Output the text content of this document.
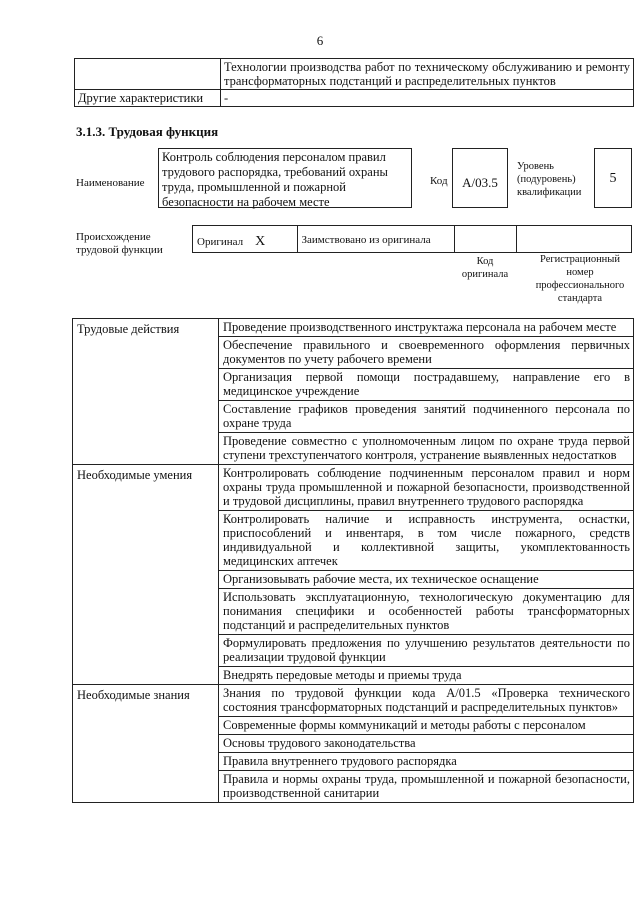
6
	Технологии производства работ по техническому обслуживанию и ремонту трансформаторных подстанций и распределительных пунктов
Другие характеристики	-
3.1.3. Трудовая функция
Наименование
Контроль соблюдения персоналом правил трудового распорядка, требований охраны труда, промышленной и пожарной безопасности на рабочем месте
Код	А/03.5
Уровень (подуровень) квалификации
5
Происхождение трудовой функции
Оригинал X	Заимствовано из оригинала
Код оригинала
Регистрационный номер профессионального стандарта
Трудовые действия	Проведение производственного инструктажа персонала на рабочем месте
	Обеспечение правильного и своевременного оформления первичных документов по учету рабочего времени
	Организация первой помощи пострадавшему, направление его в медицинское учреждение
	Составление графиков проведения занятий подчиненного персонала по охране труда
	Проведение совместно с уполномоченным лицом по охране труда первой ступени трехступенчатого контроля, устранение выявленных недостатков
Необходимые умения	Контролировать соблюдение подчиненным персоналом правил и норм охраны труда промышленной и пожарной безопасности, производственной и трудовой дисциплины, правил внутреннего трудового распорядка
	Контролировать наличие и исправность инструмента, оснастки, приспособлений и инвентаря, в том числе пожарного, средств индивидуальной и коллективной защиты, укомплектованность медицинских аптечек
	Организовывать рабочие места, их техническое оснащение
	Использовать эксплуатационную, технологическую документацию для понимания специфики и особенностей работы трансформаторных подстанций и распределительных пунктов
	Формулировать предложения по улучшению результатов деятельности по реализации трудовой функции
	Внедрять передовые методы и приемы труда
Необходимые знания	Знания по трудовой функции кода А/01.5 «Проверка технического состояния трансформаторных подстанций и распределительных пунктов»
	Современные формы коммуникаций и методы работы с персоналом
	Основы трудового законодательства
	Правила внутреннего трудового распорядка
	Правила и нормы охраны труда, промышленной и пожарной безопасности, производственной санитарии
